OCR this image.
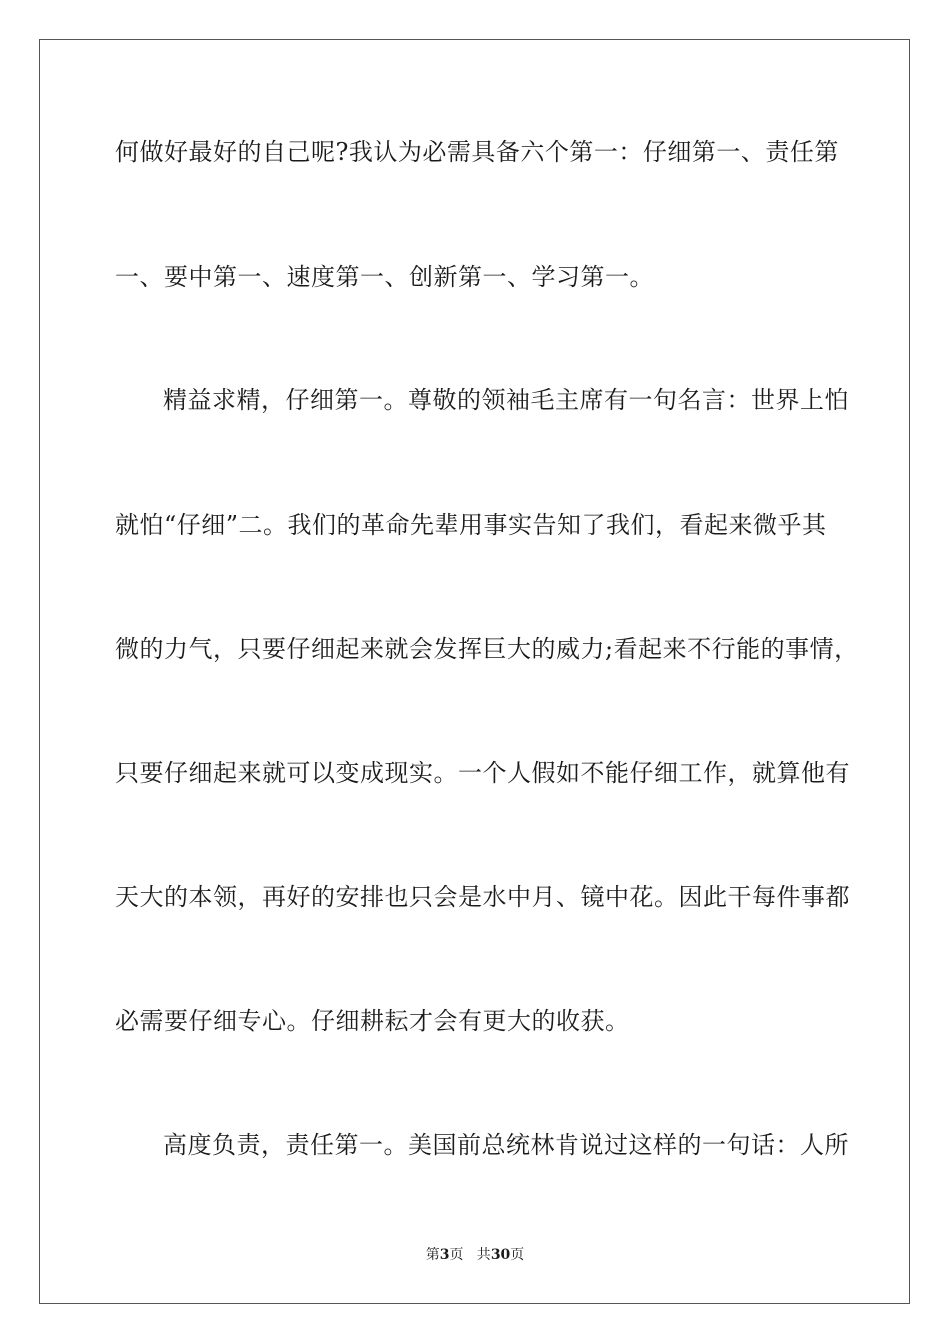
何做好最好的自己呢?我认为必需具备六个第一：仔细第一、责任第
一、要中第一、速度第一、创新第一、学习第一。
精益求精，仔细第一。尊敬的领袖毛主席有一句名言：世界上怕
就怕“仔细”二。我们的革命先辈用事实告知了我们，看起来微乎其
微的力气，只要仔细起来就会发挥巨大的威力;看起来不行能的事情，
只要仔细起来就可以变成现实。一个人假如不能仔细工作，就算他有
天大的本领，再好的安排也只会是水中月、镜中花。因此干每件事都
必需要仔细专心。仔细耕耘才会有更大的收获。
高度负责，责任第一。美国前总统林肯说过这样的一句话：人所
第3页   共30页
